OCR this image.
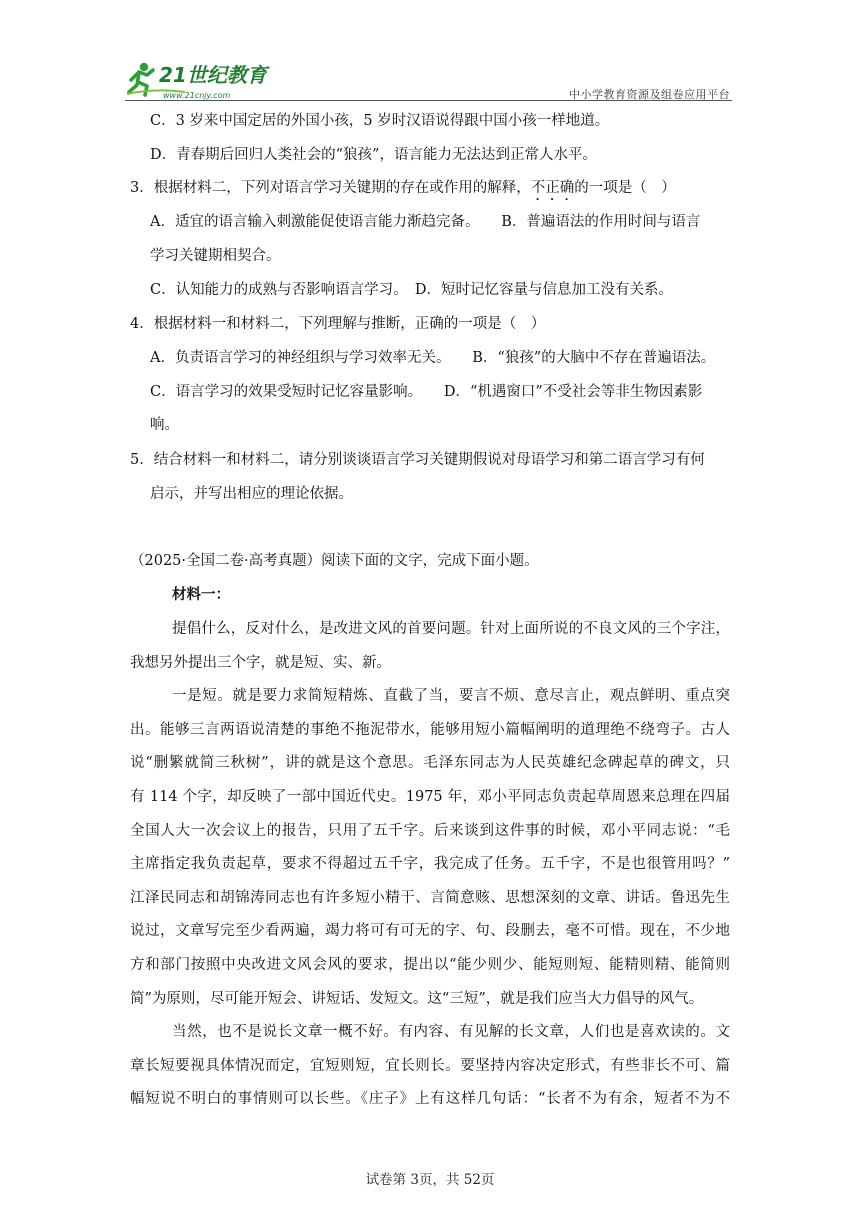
21世纪教育
www.21cnjy.com	中小学教育资源及组卷应用平台
C．3 岁来中国定居的外国小孩，5 岁时汉语说得跟中国小孩一样地道。
D．青春期后回归人类社会的“狼孩”，语言能力无法达到正常人水平。
3．根据材料二，下列对语言学习关键期的存在或作用的解释，不正确的一项是（　）
A．适宜的语言输入刺激能促使语言能力渐趋完备。　　B．普遍语法的作用时间与语言
学习关键期相契合。
C．认知能力的成熟与否影响语言学习。　D．短时记忆容量与信息加工没有关系。
4．根据材料一和材料二，下列理解与推断，正确的一项是（　）
A．负责语言学习的神经组织与学习效率无关。　　B．“狼孩”的大脑中不存在普遍语法。
C．语言学习的效果受短时记忆容量影响。　　D．“机遇窗口”不受社会等非生物因素影
响。
5．结合材料一和材料二，请分别谈谈语言学习关键期假说对母语学习和第二语言学习有何
启示，并写出相应的理论依据。
（2025·全国二卷·高考真题）阅读下面的文字，完成下面小题。
材料一：
提倡什么，反对什么，是改进文风的首要问题。针对上面所说的不良文风的三个字注，
我想另外提出三个字，就是短、实、新。
一是短。就是要力求简短精炼、直截了当，要言不烦、意尽言止，观点鲜明、重点突
出。能够三言两语说清楚的事绝不拖泥带水，能够用短小篇幅阐明的道理绝不绕弯子。古人
说“删繁就简三秋树”，讲的就是这个意思。毛泽东同志为人民英雄纪念碑起草的碑文，只
有 114 个字，却反映了一部中国近代史。1975 年，邓小平同志负责起草周恩来总理在四届
全国人大一次会议上的报告，只用了五千字。后来谈到这件事的时候，邓小平同志说：“毛
主席指定我负责起草，要求不得超过五千字，我完成了任务。五千字，不是也很管用吗？”
江泽民同志和胡锦涛同志也有许多短小精干、言简意赅、思想深刻的文章、讲话。鲁迅先生
说过，文章写完至少看两遍，竭力将可有可无的字、句、段删去，毫不可惜。现在，不少地
方和部门按照中央改进文风会风的要求，提出以“能少则少、能短则短、能精则精、能简则
简”为原则，尽可能开短会、讲短话、发短文。这“三短”，就是我们应当大力倡导的风气。
当然，也不是说长文章一概不好。有内容、有见解的长文章，人们也是喜欢读的。文
章长短要视具体情况而定，宜短则短，宜长则长。要坚持内容决定形式，有些非长不可、篇
幅短说不明白的事情则可以长些。《庄子》上有这样几句话：“长者不为有余，短者不为不
试卷第 3页，共 52页
